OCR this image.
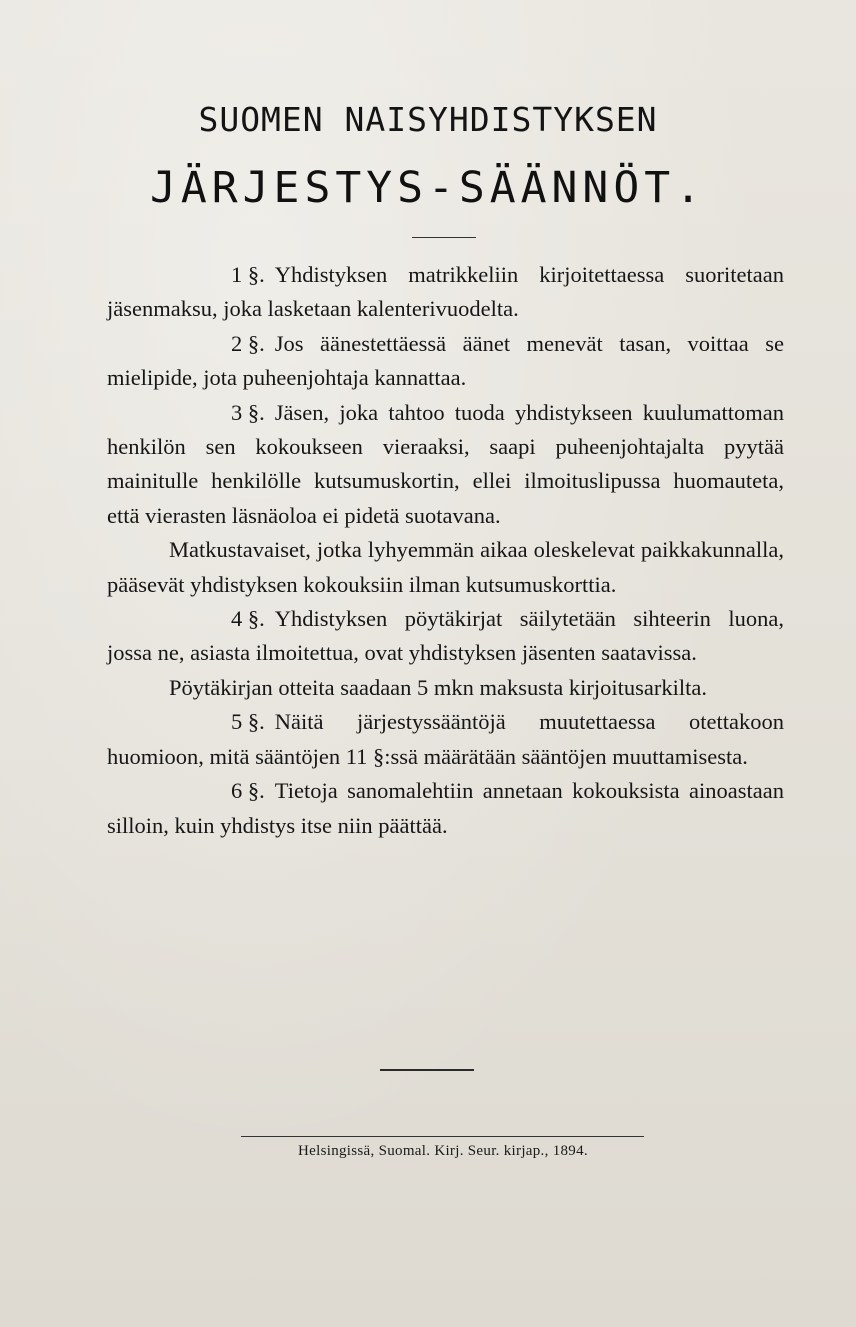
SUOMEN NAISYHDISTYKSEN
JÄRJESTYS-SÄÄNNÖT.

1 §. Yhdistyksen matrikkeliin kirjoitettaessa suoritetaan jäsenmaksu, joka lasketaan kalenterivuodelta.

2 §. Jos äänestettäessä äänet menevät tasan, voittaa se mielipide, jota puheenjohtaja kannattaa.

3 §. Jäsen, joka tahtoo tuoda yhdistykseen kuulumattoman henkilön sen kokoukseen vieraaksi, saapi puheenjohtajalta pyytää mainitulle henkilölle kutsumuskortin, ellei ilmoituslipussa huomauteta, että vierasten läsnäoloa ei pidetä suotavana.

Matkustavaiset, jotka lyhyemmän aikaa oleskelevat paikkakunnalla, pääsevät yhdistyksen kokouksiin ilman kutsumuskorttia.

4 §. Yhdistyksen pöytäkirjat säilytetään sihteerin luona, jossa ne, asiasta ilmoitettua, ovat yhdistyksen jäsenten saatavissa.

Pöytäkirjan otteita saadaan 5 mkn maksusta kirjoitusarkilta.

5 §. Näitä järjestyssääntöjä muutettaessa otettakoon huomioon, mitä sääntöjen 11 §:ssä määrätään sääntöjen muuttamisesta.

6 §. Tietoja sanomalehtiin annetaan kokouksista ainoastaan silloin, kuin yhdistys itse niin päättää.

Helsingissä, Suomal. Kirj. Seur. kirjap., 1894.
